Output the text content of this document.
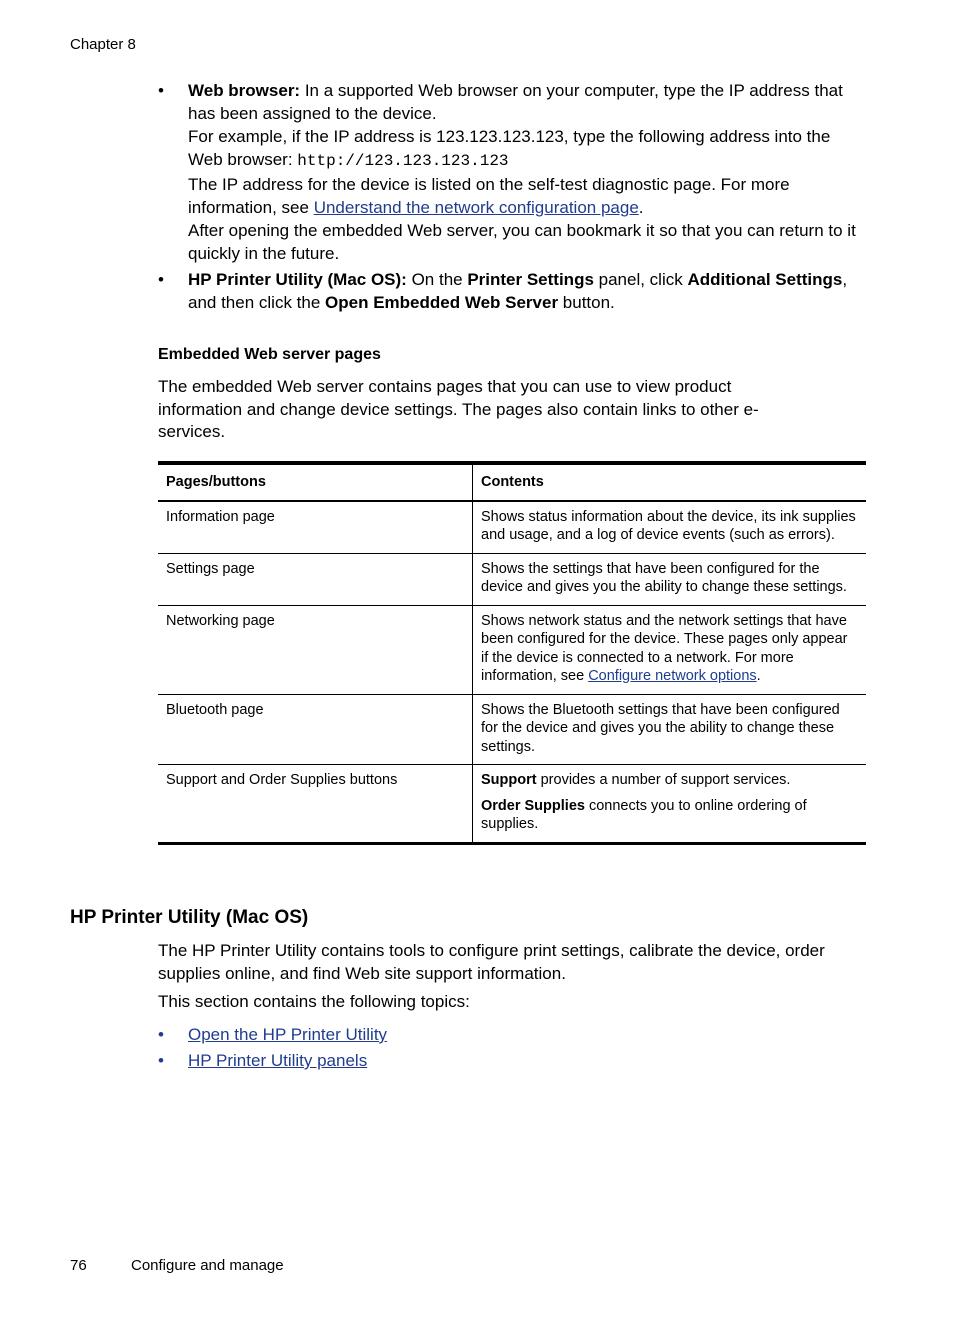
Chapter 8
• Web browser: In a supported Web browser on your computer, type the IP address that has been assigned to the device.

For example, if the IP address is 123.123.123.123, type the following address into the Web browser: http://123.123.123.123

The IP address for the device is listed on the self-test diagnostic page. For more information, see Understand the network configuration page.

After opening the embedded Web server, you can bookmark it so that you can return to it quickly in the future.

• HP Printer Utility (Mac OS): On the Printer Settings panel, click Additional Settings, and then click the Open Embedded Web Server button.

Embedded Web server pages

The embedded Web server contains pages that you can use to view product information and change device settings. The pages also contain links to other e-services.

Pages/buttons	Contents
Information page	Shows status information about the device, its ink supplies and usage, and a log of device events (such as errors).

Settings page	Shows the settings that have been configured for the device and gives you the ability to change these settings.

Networking page	Shows network status and the network settings that have been configured for the device. These pages only appear if the device is connected to a network. For more information, see Configure network options.

Bluetooth page	Shows the Bluetooth settings that have been configured for the device and gives you the ability to change these settings.

Support and Order Supplies buttons	Support provides a number of support services.

Order Supplies connects you to online ordering of supplies.

HP Printer Utility (Mac OS)

The HP Printer Utility contains tools to configure print settings, calibrate the device, order supplies online, and find Web site support information.

This section contains the following topics:

• Open the HP Printer Utility
• HP Printer Utility panels
76	Configure and manage
